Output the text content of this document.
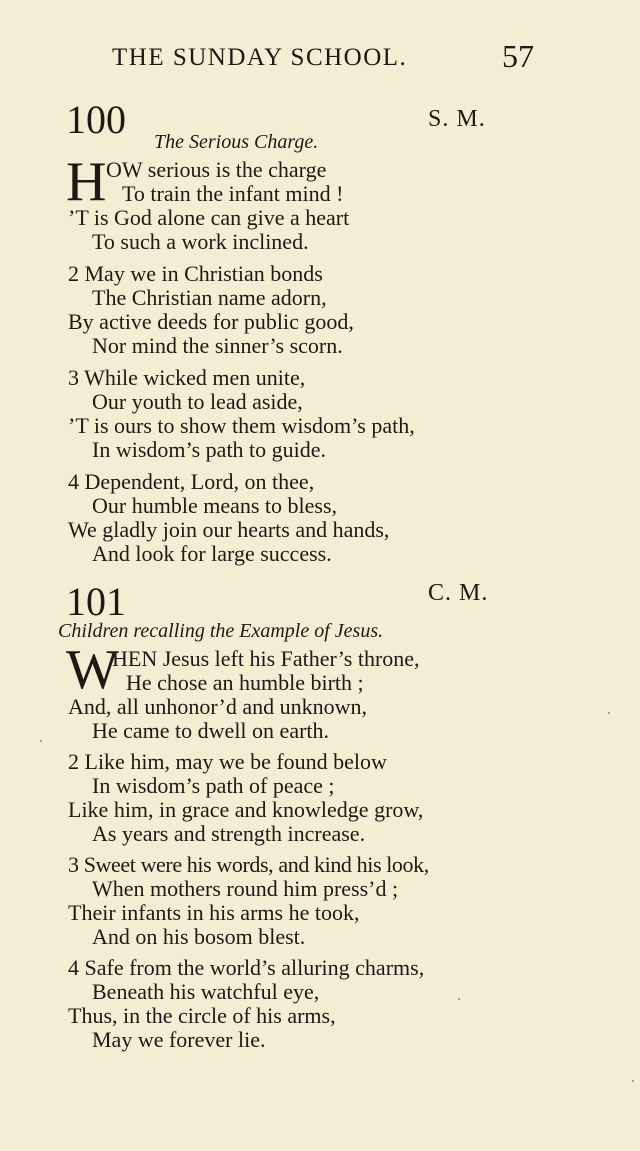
THE SUNDAY SCHOOL.	57
100	S. M.
The Serious Charge.
H OW serious is the charge
To train the infant mind !
’T is God alone can give a heart
To such a work inclined.
2 May we in Christian bonds
The Christian name adorn,
By active deeds for public good,
Nor mind the sinner’s scorn.
3 While wicked men unite,
Our youth to lead aside,
’T is ours to show them wisdom’s path,
In wisdom’s path to guide.
4 Dependent, Lord, on thee,
Our humble means to bless,
We gladly join our hearts and hands,
And look for large success.
101	C. M.
Children recalling the Example of Jesus.
W
HEN Jesus left his Father’s throne,
He chose an humble birth ;
And, all unhonor’d and unknown,
He came to dwell on earth.
2 Like him, may we be found below
In wisdom’s path of peace ;
Like him, in grace and knowledge grow,
As years and strength increase.
3 Sweet were his words, and kind his look,
When mothers round him press’d ;
Their infants in his arms he took,
And on his bosom blest.
4 Safe from the world’s alluring charms,
Beneath his watchful eye,
Thus, in the circle of his arms,
May we forever lie.
